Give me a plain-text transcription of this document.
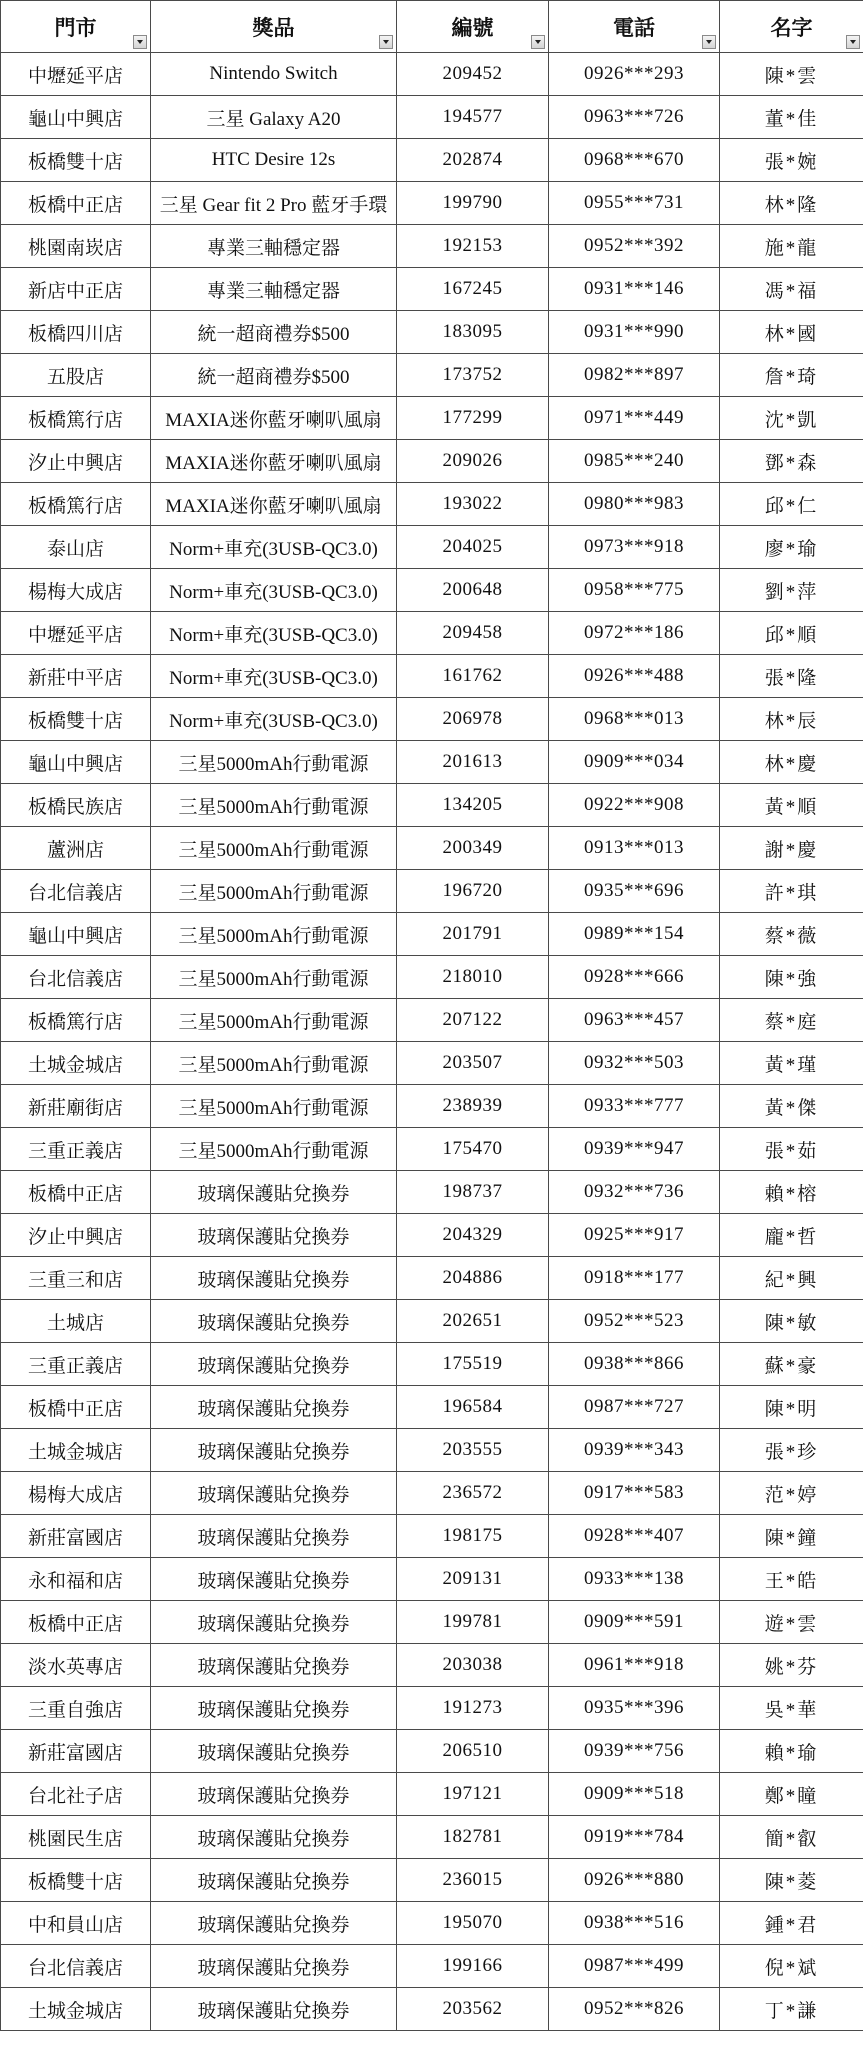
門市	獎品	編號	電話	名字

中壢延平店	Nintendo Switch	209452	0926***293	陳*雲
龜山中興店	三星 Galaxy A20	194577	0963***726	董*佳
板橋雙十店	HTC Desire 12s	202874	0968***670	張*婉
板橋中正店	三星 Gear fit 2 Pro 藍牙手環	199790	0955***731	林*隆
桃園南崁店	專業三軸穩定器	192153	0952***392	施*龍
新店中正店	專業三軸穩定器	167245	0931***146	馮*福
板橋四川店	統一超商禮券$500	183095	0931***990	林*國
五股店	統一超商禮券$500	173752	0982***897	詹*琦
板橋篤行店	MAXIA迷你藍牙喇叭風扇	177299	0971***449	沈*凱
汐止中興店	MAXIA迷你藍牙喇叭風扇	209026	0985***240	鄧*森
板橋篤行店	MAXIA迷你藍牙喇叭風扇	193022	0980***983	邱*仁
泰山店	Norm+車充(3USB-QC3.0)	204025	0973***918	廖*瑜
楊梅大成店	Norm+車充(3USB-QC3.0)	200648	0958***775	劉*萍
中壢延平店	Norm+車充(3USB-QC3.0)	209458	0972***186	邱*順
新莊中平店	Norm+車充(3USB-QC3.0)	161762	0926***488	張*隆
板橋雙十店	Norm+車充(3USB-QC3.0)	206978	0968***013	林*辰
龜山中興店	三星5000mAh行動電源	201613	0909***034	林*慶
板橋民族店	三星5000mAh行動電源	134205	0922***908	黃*順
蘆洲店	三星5000mAh行動電源	200349	0913***013	謝*慶
台北信義店	三星5000mAh行動電源	196720	0935***696	許*琪
龜山中興店	三星5000mAh行動電源	201791	0989***154	蔡*薇
台北信義店	三星5000mAh行動電源	218010	0928***666	陳*強
板橋篤行店	三星5000mAh行動電源	207122	0963***457	蔡*庭
土城金城店	三星5000mAh行動電源	203507	0932***503	黃*瑾
新莊廟街店	三星5000mAh行動電源	238939	0933***777	黃*傑
三重正義店	三星5000mAh行動電源	175470	0939***947	張*茹
板橋中正店	玻璃保護貼兌換券	198737	0932***736	賴*榕
汐止中興店	玻璃保護貼兌換券	204329	0925***917	龐*哲
三重三和店	玻璃保護貼兌換券	204886	0918***177	紀*興
土城店	玻璃保護貼兌換券	202651	0952***523	陳*敏
三重正義店	玻璃保護貼兌換券	175519	0938***866	蘇*豪
板橋中正店	玻璃保護貼兌換券	196584	0987***727	陳*明
土城金城店	玻璃保護貼兌換券	203555	0939***343	張*珍
楊梅大成店	玻璃保護貼兌換券	236572	0917***583	范*婷
新莊富國店	玻璃保護貼兌換券	198175	0928***407	陳*鐘
永和福和店	玻璃保護貼兌換券	209131	0933***138	王*皓
板橋中正店	玻璃保護貼兌換券	199781	0909***591	遊*雲
淡水英專店	玻璃保護貼兌換券	203038	0961***918	姚*芬
三重自強店	玻璃保護貼兌換券	191273	0935***396	吳*華
新莊富國店	玻璃保護貼兌換券	206510	0939***756	賴*瑜
台北社子店	玻璃保護貼兌換券	197121	0909***518	鄭*瞳
桃園民生店	玻璃保護貼兌換券	182781	0919***784	簡*叡
板橋雙十店	玻璃保護貼兌換券	236015	0926***880	陳*菱
中和員山店	玻璃保護貼兌換券	195070	0938***516	鍾*君
台北信義店	玻璃保護貼兌換券	199166	0987***499	倪*斌
土城金城店	玻璃保護貼兌換券	203562	0952***826	丁*謙
